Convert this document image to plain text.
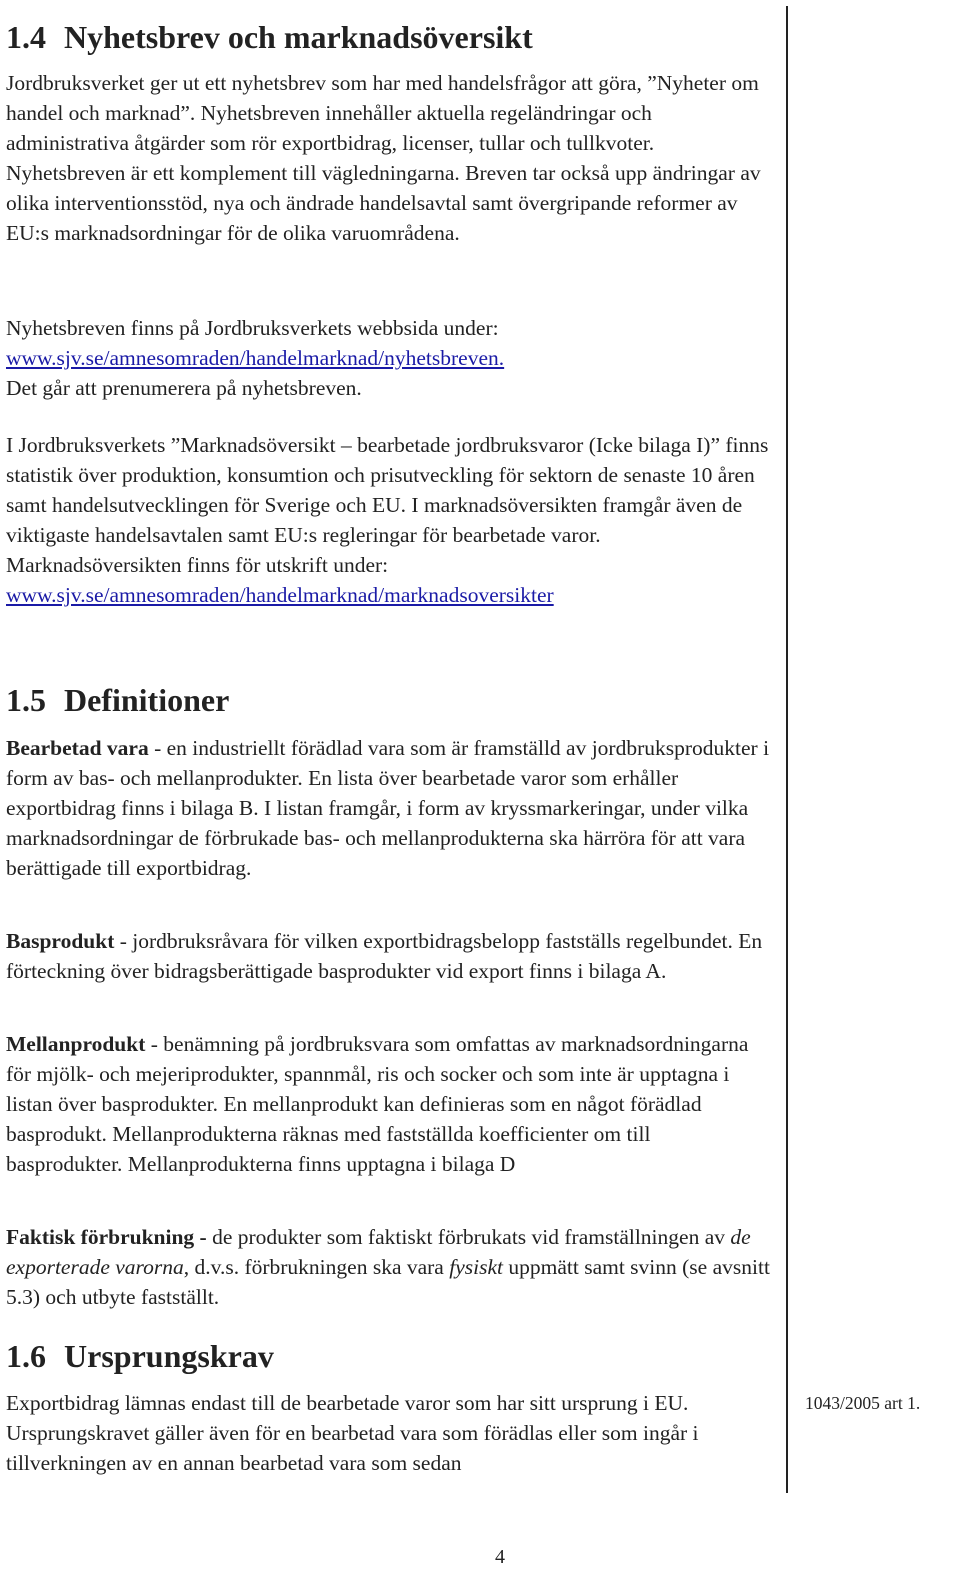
1.4 Nyhetsbrev och marknadsöversikt

Jordbruksverket ger ut ett nyhetsbrev som har med handelsfrågor att göra, ”Nyheter om handel och marknad”. Nyhetsbreven innehåller aktuella regeländringar och administrativa åtgärder som rör exportbidrag, licenser, tullar och tullkvoter. Nyhetsbreven är ett komplement till vägledningarna. Breven tar också upp ändringar av olika interventionsstöd, nya och ändrade handelsavtal samt övergripande reformer av EU:s marknadsordningar för de olika varuområdena.

Nyhetsbreven finns på Jordbruksverkets webbsida under:
www.sjv.se/amnesomraden/handelmarknad/nyhetsbreven.
Det går att prenumerera på nyhetsbreven.

I Jordbruksverkets ”Marknadsöversikt – bearbetade jordbruksvaror (Icke bilaga I)” finns statistik över produktion, konsumtion och prisutveckling för sektorn de senaste 10 åren samt handelsutvecklingen för Sverige och EU. I marknadsöversikten framgår även de viktigaste handelsavtalen samt EU:s regleringar för bearbetade varor. Marknadsöversikten finns för utskrift under:
www.sjv.se/amnesomraden/handelmarknad/marknadsoversikter

1.5 Definitioner

Bearbetad vara - en industriellt förädlad vara som är framställd av jordbruksprodukter i form av bas- och mellanprodukter. En lista över bearbetade varor som erhåller exportbidrag finns i bilaga B. I listan framgår, i form av kryssmarkeringar, under vilka marknadsordningar de förbrukade bas- och mellanprodukterna ska härröra för att vara berättigade till exportbidrag.

Basprodukt - jordbruksråvara för vilken exportbidragsbelopp fastställs regelbundet. En förteckning över bidragsberättigade basprodukter vid export finns i bilaga A.

Mellanprodukt - benämning på jordbruksvara som omfattas av marknadsordningarna för mjölk- och mejeriprodukter, spannmål, ris och socker och som inte är upptagna i listan över basprodukter. En mellanprodukt kan definieras som en något förädlad basprodukt. Mellanprodukterna räknas med fastställda koefficienter om till basprodukter. Mellanprodukterna finns upptagna i bilaga D

Faktisk förbrukning - de produkter som faktiskt förbrukats vid framställningen av de exporterade varorna, d.v.s. förbrukningen ska vara fysiskt uppmätt samt svinn (se avsnitt 5.3) och utbyte fastställt.

1.6 Ursprungskrav

Exportbidrag lämnas endast till de bearbetade varor som har sitt ursprung i EU. Ursprungskravet gäller även för en bearbetad vara som förädlas eller som ingår i tillverkningen av en annan bearbetad vara som sedan

1043/2005 art 1.
4
